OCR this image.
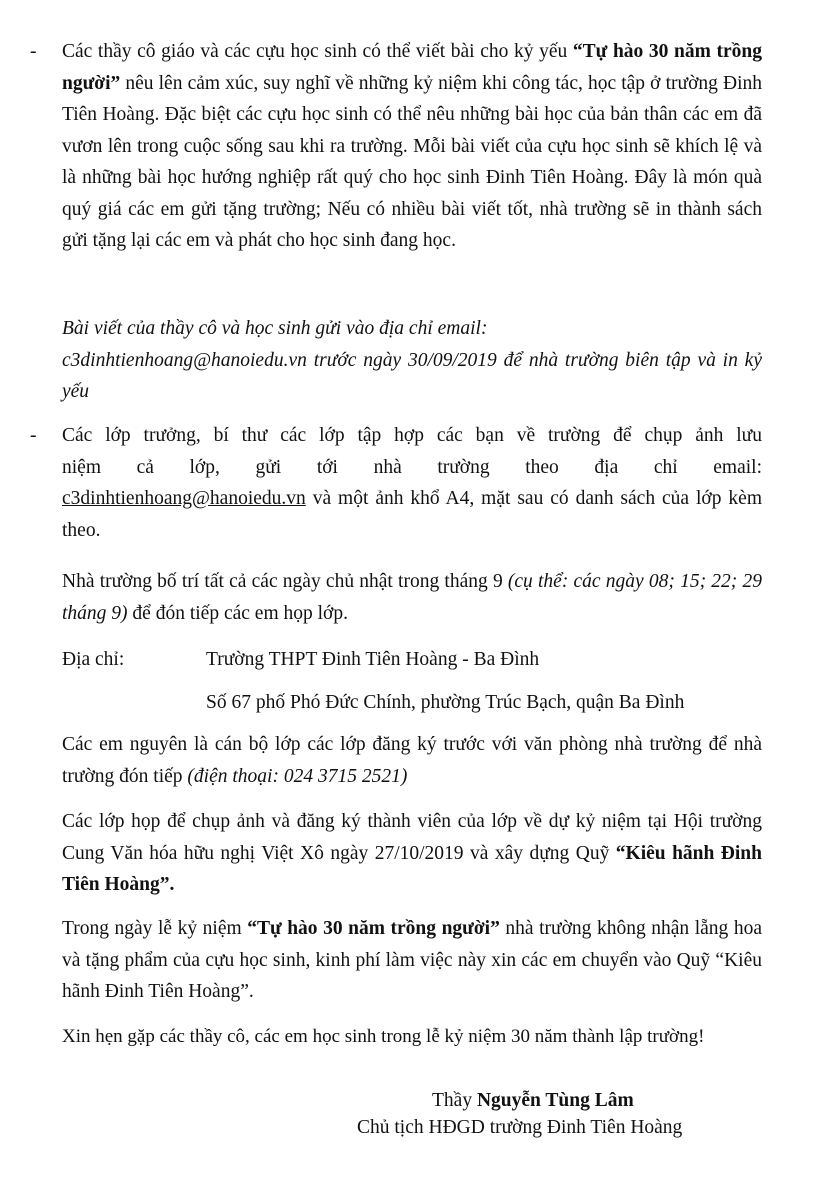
- Các thầy cô giáo và các cựu học sinh có thể viết bài cho kỷ yếu “Tự hào 30 năm trồng người” nêu lên cảm xúc, suy nghĩ về những kỷ niệm khi công tác, học tập ở trường Đinh Tiên Hoàng. Đặc biệt các cựu học sinh có thể nêu những bài học của bản thân các em đã vươn lên trong cuộc sống sau khi ra trường. Mỗi bài viết của cựu học sinh sẽ khích lệ và là những bài học hướng nghiệp rất quý cho học sinh Đinh Tiên Hoàng. Đây là món quà quý giá các em gửi tặng trường; Nếu có nhiều bài viết tốt, nhà trường sẽ in thành sách gửi tặng lại các em và phát cho học sinh đang học.

Bài viết của thầy cô và học sinh gửi vào địa chỉ email:
c3dinhtienhoang@hanoiedu.vn trước ngày 30/09/2019 để nhà trường biên tập và in kỷ yếu

- Các lớp trưởng, bí thư các lớp tập hợp các bạn về trường để chụp ảnh lưu
niệm cả lớp, gửi tới nhà trường theo địa chỉ email:
c3dinhtienhoang@hanoiedu.vn và một ảnh khổ A4, mặt sau có danh sách của lớp kèm theo.

Nhà trường bố trí tất cả các ngày chủ nhật trong tháng 9 (cụ thể: các ngày 08; 15; 22; 29 tháng 9) để đón tiếp các em họp lớp.

Địa chỉ:	Trường THPT Đinh Tiên Hoàng - Ba Đình

Số 67 phố Phó Đức Chính, phường Trúc Bạch, quận Ba Đình

Các em nguyên là cán bộ lớp các lớp đăng ký trước với văn phòng nhà trường để nhà trường đón tiếp (điện thoại: 024 3715 2521)

Các lớp họp để chụp ảnh và đăng ký thành viên của lớp về dự kỷ niệm tại Hội trường Cung Văn hóa hữu nghị Việt Xô ngày 27/10/2019 và xây dựng Quỹ “Kiêu hãnh Đinh Tiên Hoàng”.

Trong ngày lễ kỷ niệm “Tự hào 30 năm trồng người” nhà trường không nhận lẵng hoa và tặng phẩm của cựu học sinh, kinh phí làm việc này xin các em chuyển vào Quỹ “Kiêu hãnh Đinh Tiên Hoàng”.

Xin hẹn gặp các thầy cô, các em học sinh trong lễ kỷ niệm 30 năm thành lập trường!

Thầy Nguyễn Tùng Lâm

Chủ tịch HĐGD trường Đinh Tiên Hoàng
